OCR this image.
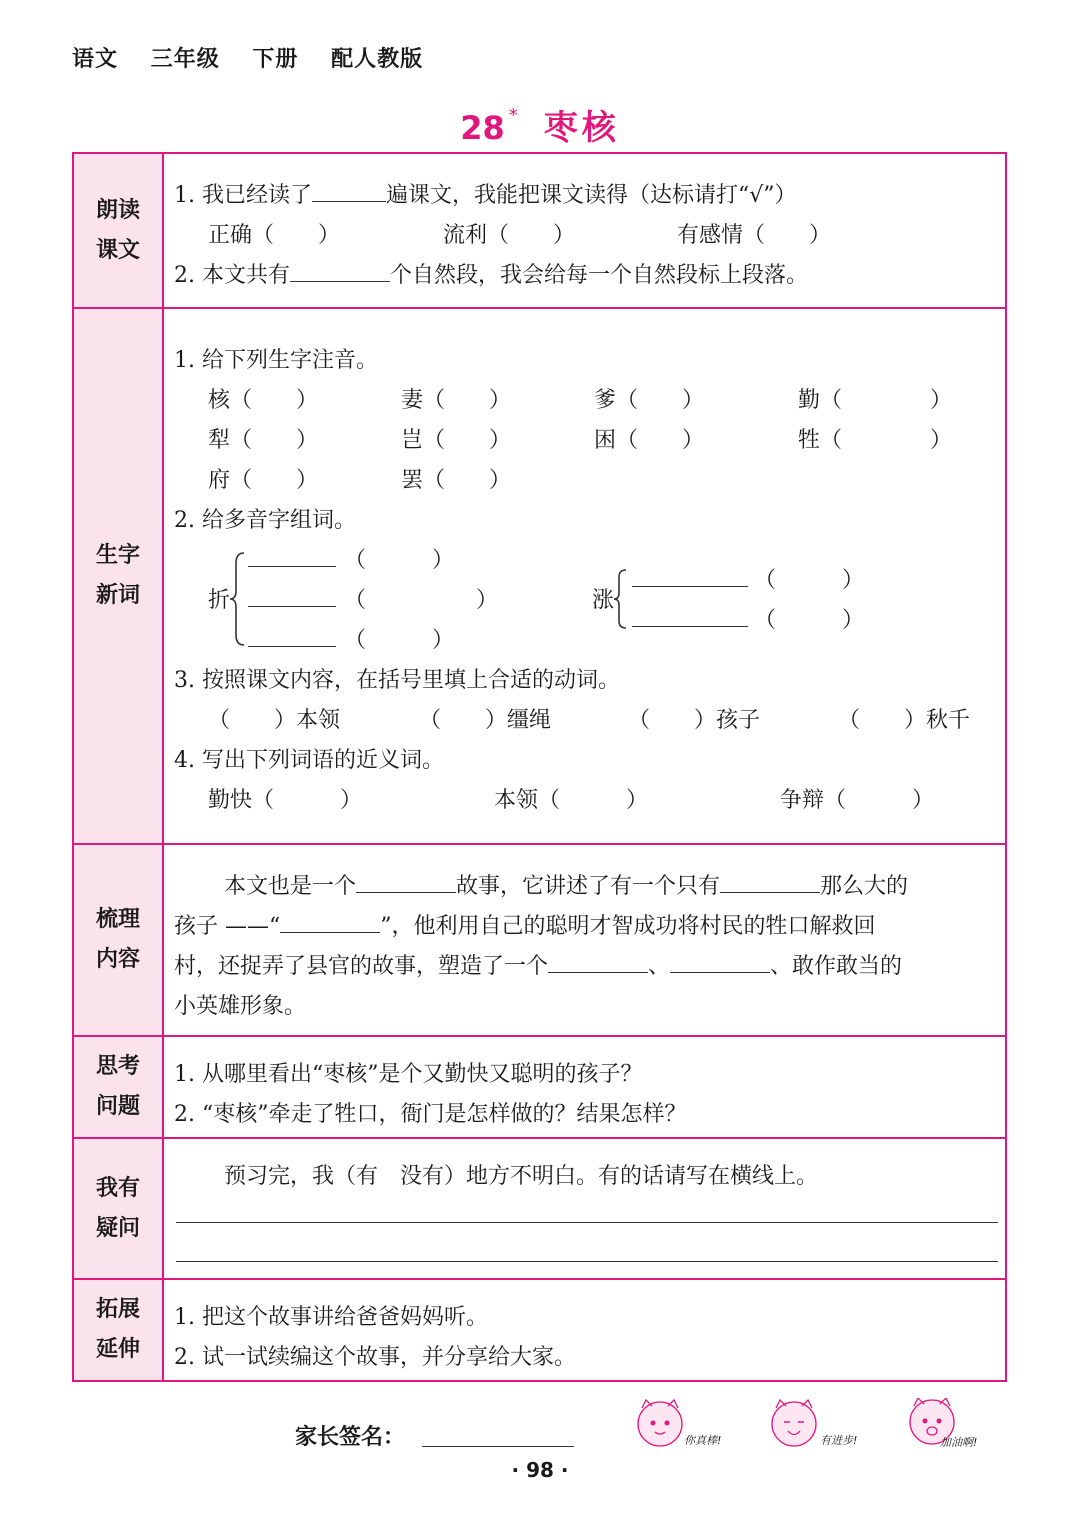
语文 三年级 下册 配人教版
28 * 枣核
朗读
课文
1. 我已经读了	遍课文，我能把课文读得（达标请打“√”）
正确（　　）	流利（　　）	有感情（　　）
2. 本文共有	个自然段，我会给每一个自然段标上段落。
生字
新词
1. 给下列生字注音。
核（　　）	妻（　　）	爹（　　）	勤（　　　　）
犁（　　）	岂（　　）	困（　　）	牲（　　　　）
府（　　）	罢（　　）
2. 给多音字组词。
折
（　　　）
（　　　　　）
（　　　）
涨
（　　　）
（　　　）
3. 按照课文内容，在括号里填上合适的动词。
（　　）本领	（　　）缰绳	（　　）孩子	（　　）秋千
4. 写出下列词语的近义词。
勤快（　　　）	本领（　　　）	争辩（　　　）
梳理
内容
本文也是一个	故事，它讲述了有一个只有	那么大的
孩子 ——“	”，他利用自己的聪明才智成功将村民的牲口解救回
村，还捉弄了县官的故事，塑造了一个	、	、敢作敢当的
小英雄形象。
思考
问题
1. 从哪里看出“枣核”是个又勤快又聪明的孩子？
2. “枣核”牵走了牲口，衙门是怎样做的？结果怎样？
我有
疑问
预习完，我（有　没有）地方不明白。有的话请写在横线上。
拓展
延伸
1. 把这个故事讲给爸爸妈妈听。
2. 试一试续编这个故事，并分享给大家。
家长签名：	你真棒!	有进步!	加油啊!
· 98 ·
